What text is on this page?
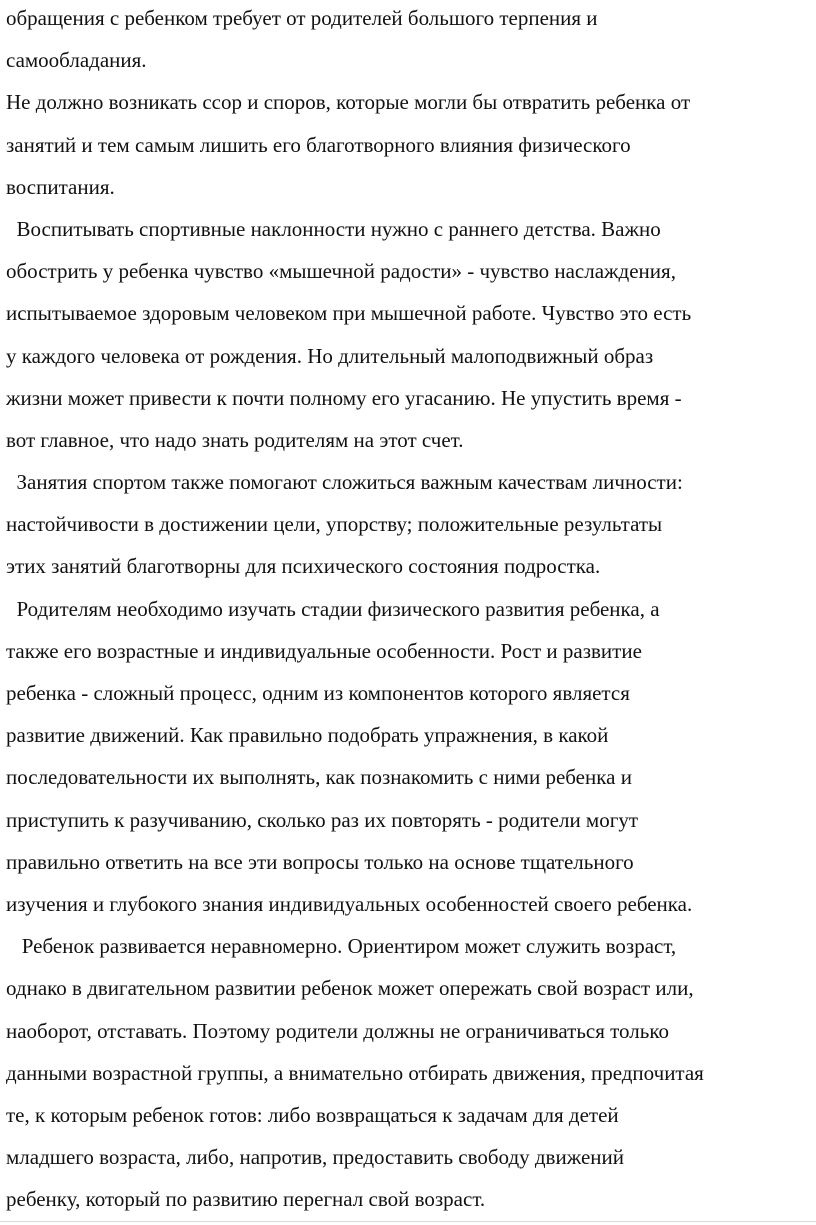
обращения с ребенком требует от родителей большого терпения и
самообладания.
Не должно возникать ссор и споров, которые могли бы отвратить ребенка от
занятий и тем самым лишить его благотворного влияния физического
воспитания.
Воспитывать спортивные наклонности нужно с раннего детства. Важно
обострить у ребенка чувство «мышечной радости» - чувство наслаждения,
испытываемое здоровым человеком при мышечной работе. Чувство это есть
у каждого человека от рождения. Но длительный малоподвижный образ
жизни может привести к почти полному его угасанию. Не упустить время -
вот главное, что надо знать родителям на этот счет.
Занятия спортом также помогают сложиться важным качествам личности:
настойчивости в достижении цели, упорству; положительные результаты
этих занятий благотворны для психического состояния подростка.
Родителям необходимо изучать стадии физического развития ребенка, а
также его возрастные и индивидуальные особенности. Рост и развитие
ребенка - сложный процесс, одним из компонентов которого является
развитие движений. Как правильно подобрать упражнения, в какой
последовательности их выполнять, как познакомить с ними ребенка и
приступить к разучиванию, сколько раз их повторять - родители могут
правильно ответить на все эти вопросы только на основе тщательного
изучения и глубокого знания индивидуальных особенностей своего ребенка.
Ребенок развивается неравномерно. Ориентиром может служить возраст,
однако в двигательном развитии ребенок может опережать свой возраст или,
наоборот, отставать. Поэтому родители должны не ограничиваться только
данными возрастной группы, а внимательно отбирать движения, предпочитая
те, к которым ребенок готов: либо возвращаться к задачам для детей
младшего возраста, либо, напротив, предоставить свободу движений
ребенку, который по развитию перегнал свой возраст.
